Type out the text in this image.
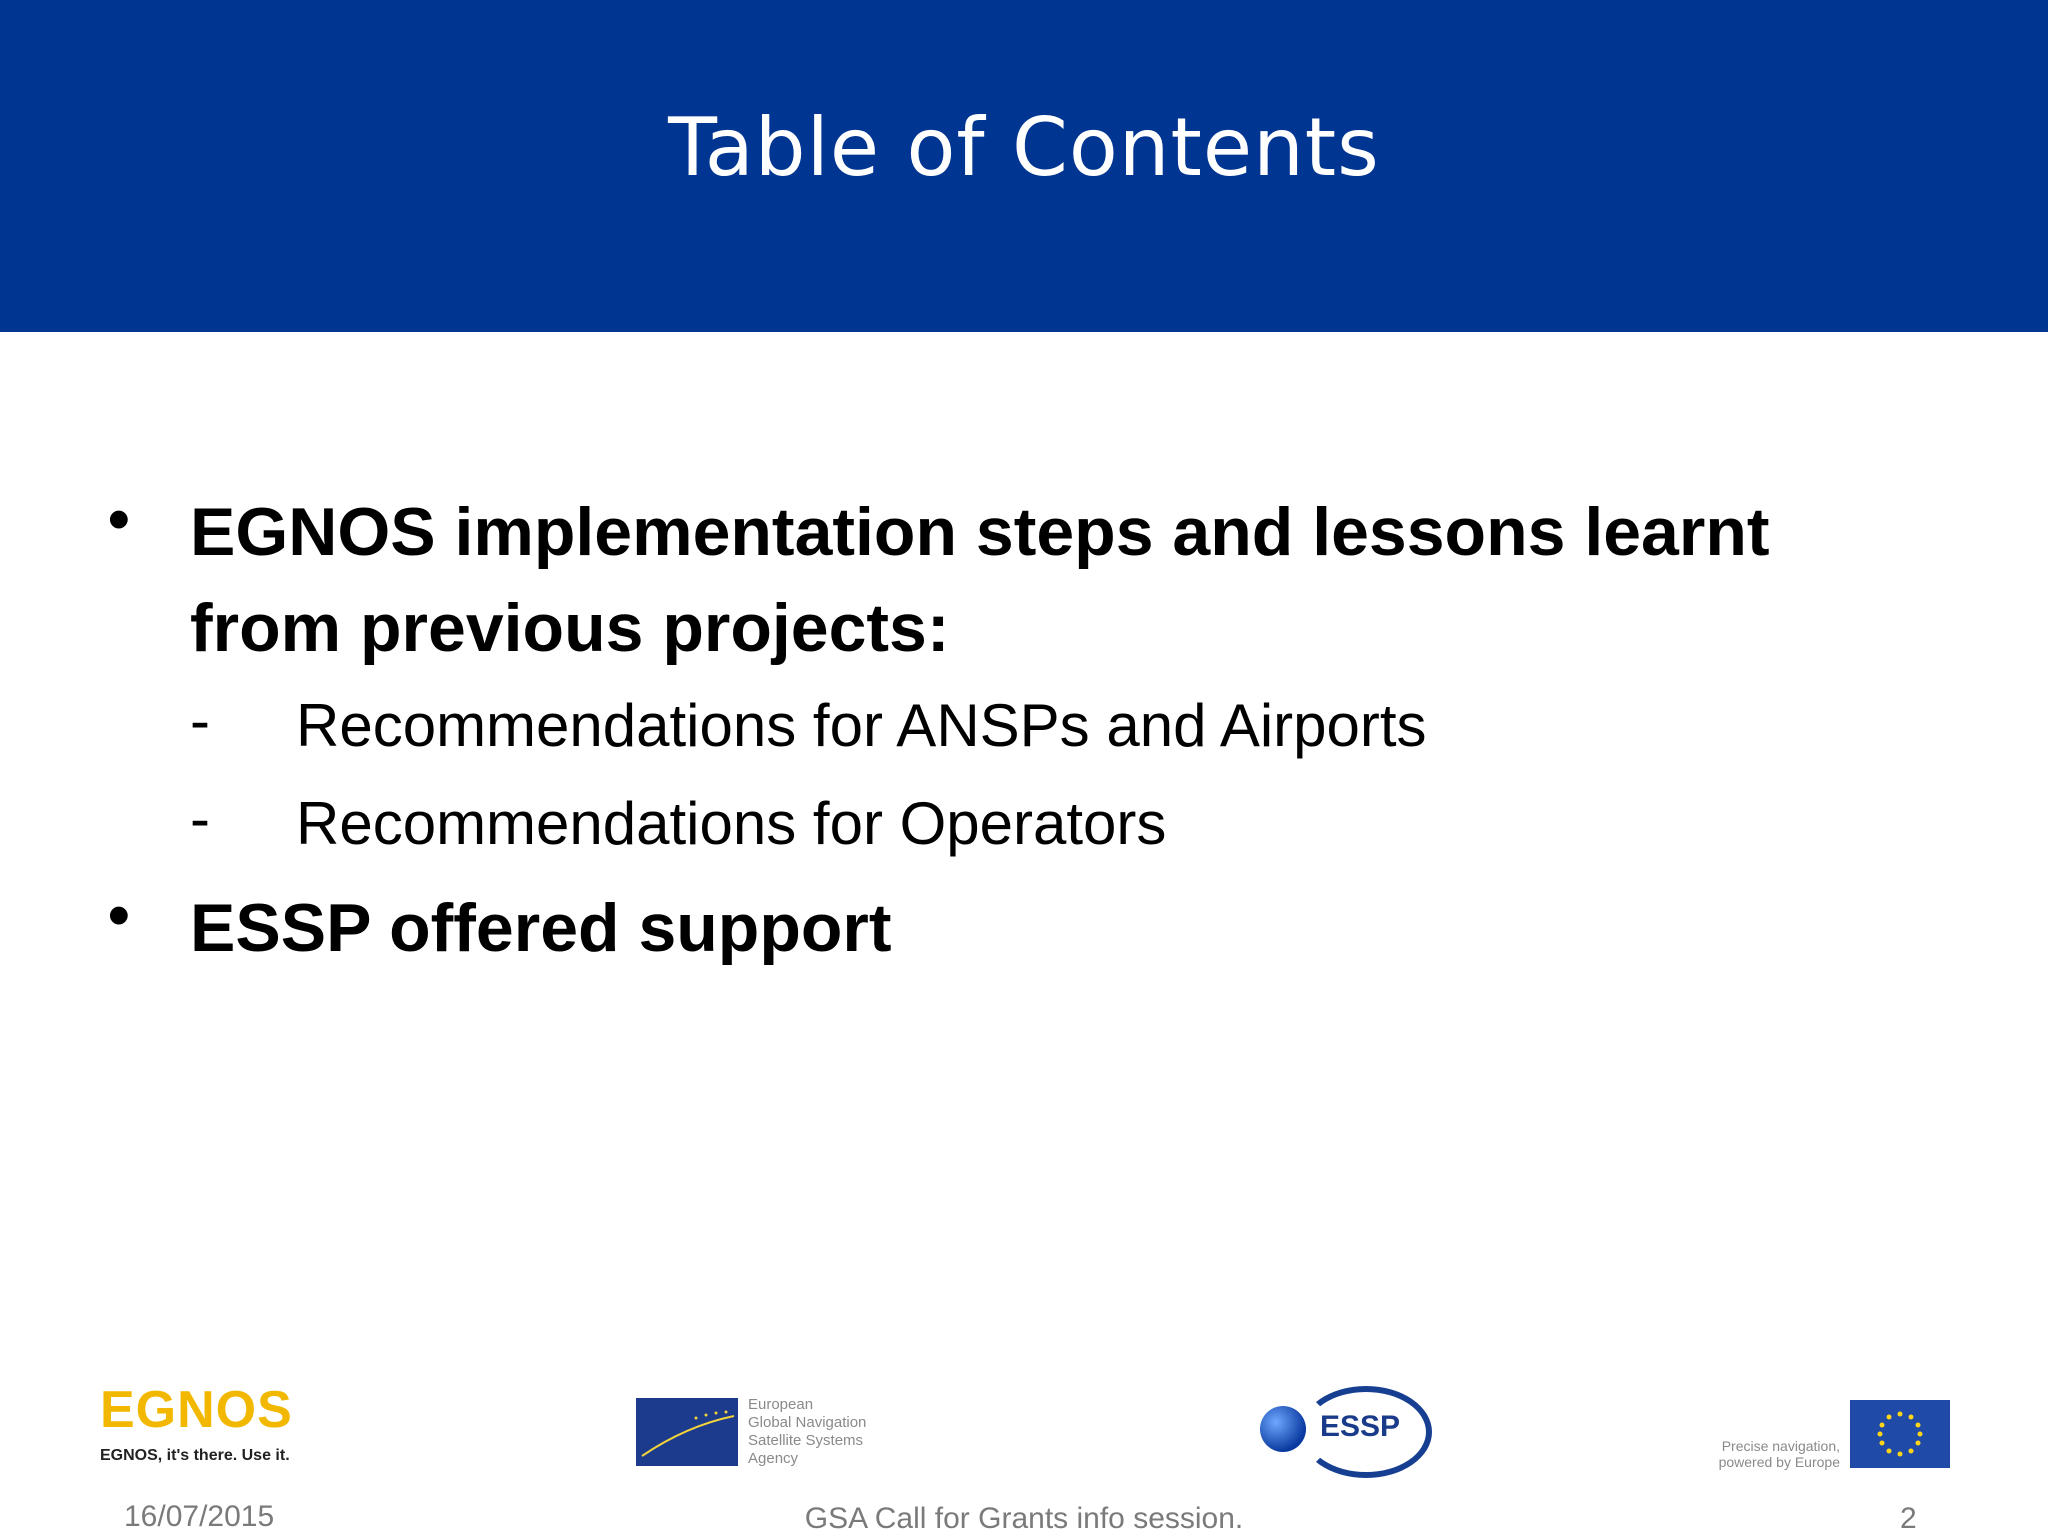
Table of Contents
• EGNOS implementation steps and lessons learnt from previous projects:
- Recommendations for ANSPs and Airports
- Recommendations for Operators
• ESSP offered support
EGNOS
EGNOS, it's there. Use it.
European
Global Navigation
Satellite Systems
Agency
ESSP
Precise navigation,
powered by Europe
16/07/2015	GSA Call for Grants info session.	2
